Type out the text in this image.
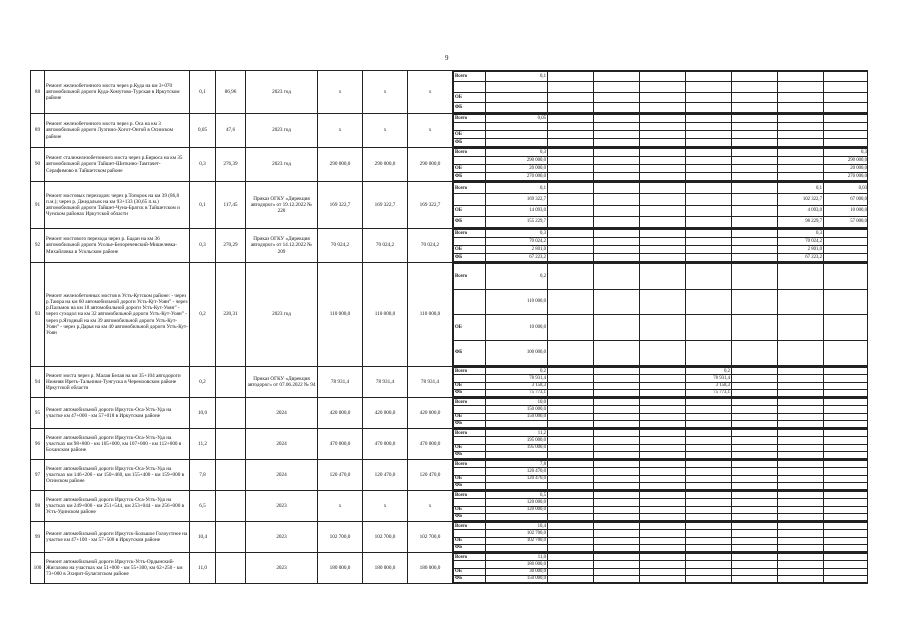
9
88	Ремонт железобетонного моста через р.Куда на км 3+070 автомобильной дороги Куда-Хомутово-Турская в Иркутском районе	0,1	86,96	2023 год	х	х	х	
Всего	0,1								

ОБ									
ФБ									

89	Ремонт железобетонного моста через р. Оса на км 3 автомобильной дороги Лузгино-Хогот-Онгой в Осинском районе	0,05	47,6	2023 год	х	х	х	
Всего	0,05								

ОБ									
ФБ									

90	Ремонт сталежелезобетонного моста через р.Бирюса на км 35 автомобильной дороги Тайшет-Шиткино-Тамтачет-Серафимово в Тайшетском районе	0,3	276,39	2023 год	290 000,0	290 000,0	290 000,0	
Всего	0,3							0,3	
	290 000,0							290 000,0	
ОБ	20 000,0							20 000,0	
ФБ	270 000,0							270 000,0	

91	Ремонт мостовых переходов: через р.Топорок на км 39 (86,8 п.м.); через р. Джедальок на км 93+133 (30,65 п.м.) автомобильной дороги Тайшет-Чуна-Братск в Тайшетском и Чунском районах Иркутской области	0,1	117,45	Приказ ОГКУ «Дирекция автодорог» от 19.12.2022 № 220	169 322,7	169 322,7	169 322,7	
Всего	0,1						0,1	0,03	
	169 322,7						102 322,7	67 000,0	
ОБ	14 093,0						4 093,0	10 000,0	
ФБ	155 229,7						98 229,7	57 000,0	

92	Ремонт мостового перехода через р. Бадан на км 36 автомобильной дороги Усолье-Белореченский-Мишелевка-Михайловка в Усольском районе	0,3	270,29	Приказ ОГКУ «Дирекция автодорог» от 14.12.2022 № 209	70 024,2	70 024,2	70 024,2	
Всего	0,3						0,3		
	70 024,2						70 024,2		
ОБ	2 801,0						2 801,0		
ФБ	67 223,2						67 223,2		

93	Ремонт железобетонных мостов в Усть-Кутском районе: - через р.Таюра на км 60 автомобильной дороги Усть-Кут-Уоянˮ - через р.Пальмок на км 18 автомобильной дороги Усть-Кут-Уоянˮ - через суходол на км 32 автомобильной дороги Усть-Кут-Уоянˮ - через р.Ягодный на км 39 автомобильной дороги Усть-Кут-Уоянˮ - через р.Дарья на км 40 автомобильной дороги Усть-Кут-Уоян	0,2	220,31	2023 год	110 000,0	110 000,0	110 000,0	
Всего	0,2								
	110 000,0								
ОБ	10 000,0								
ФБ	100 000,0								

94	Ремонт моста через р. Малая Белая на км 35+104 автодороги Нижняя Иреть-Тальники-Тунгуска в Черемховском районе Иркутской области	0,2		Приказ ОГКУ «Дирекция автодорог» от 07.06.2022 № 94	78 931,4	78 931,4	78 931,4	
Всего	0,2				0,2				
	78 931,4				78 931,4				
ОБ	3 158,3				3 158,3				
ФБ	75 773,1				75 773,1				

95	Ремонт автомобильной дороги Иркутск-Оса-Усть-Уда на участке км 47+000 - км 57+018 в Иркутском районе	10,0		2024	420 000,0	420 000,0	420 000,0	
Всего	10,0								
	150 000,0								
ОБ	150 000,0								
ФБ									

96	Ремонт автомобильной дороги Иркутск-Оса-Усть-Уда на участках км 98+800 - км 105+000, км 107+000 - км 112+000 в Боханском районе	11,2		2024	470 000,0	470 000,0	470 000,0	
Всего	11,2								
	195 000,0								
ОБ	195 000,0								
ФБ									

97	Ремонт автомобильной дороги Иркутск-Оса-Усть-Уда на участках км 146+200 - км 150+460, км 155+400 - км 159+000 в Осинском районе	7,8		2024	120 470,0	120 470,0	120 470,0	
Всего	7,8								
	120 470,0								
ОБ	120 470,0								
ФБ									

98	Ремонт автомобильной дороги Иркутск-Оса-Усть-Уда на участках км 249+000 - км 251+544, км 253+044 - км 256+000 в Усть-Удинском районе	6,5		2023	х	х	х	
Всего	6,5								
	120 000,0								
ОБ	120 000,0								
ФБ									

99	Ремонт автомобильной дороги Иркутск-Большое Голоустное на участке км 47+100 - км 57+500 в Иркутском районе	10,4		2023	102 700,0	102 700,0	102 700,0	
Всего	10,4								
	102 700,0								
ОБ	102 700,0								
ФБ									

100	Ремонт автомобильной дороги Иркутск-Усть-Ордынский-Жигалово на участках км 51+000 - км 55+300, км 62+250 - км 73+000 в Эхирит-Булагатском районе	11,0		2023	180 000,0	180 000,0	180 000,0	
Всего	11,0								
	180 000,0								
ОБ	30 000,0								
ФБ	150 000,0								
